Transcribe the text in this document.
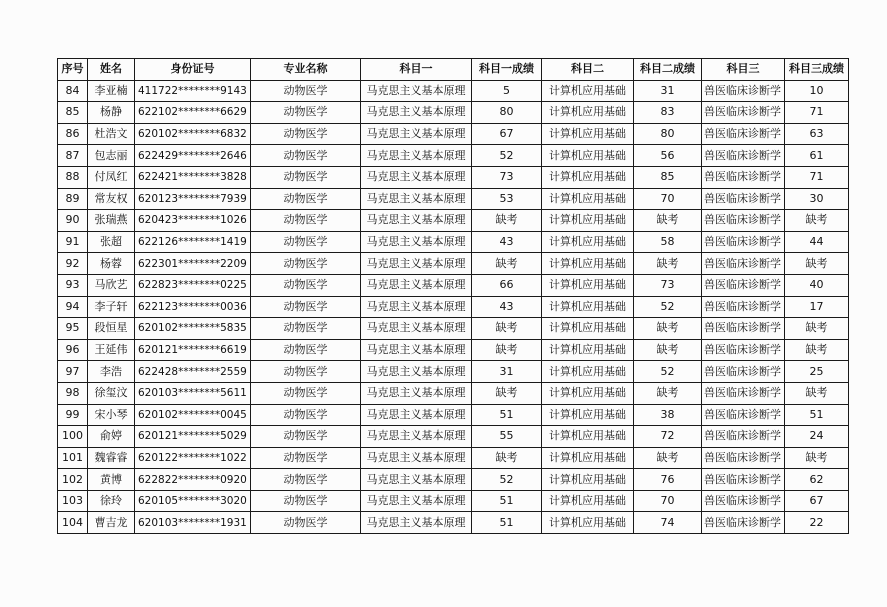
序号	姓名	身份证号	专业名称	科目一	科目一成绩	科目二	科目二成绩	科目三	科目三成绩
84	李亚楠	411722********9143	动物医学	马克思主义基本原理	5	计算机应用基础	31	兽医临床诊断学	10
85	杨静	622102********6629	动物医学	马克思主义基本原理	80	计算机应用基础	83	兽医临床诊断学	71
86	杜浩文	620102********6832	动物医学	马克思主义基本原理	67	计算机应用基础	80	兽医临床诊断学	63
87	包志丽	622429********2646	动物医学	马克思主义基本原理	52	计算机应用基础	56	兽医临床诊断学	61
88	付凤红	622421********3828	动物医学	马克思主义基本原理	73	计算机应用基础	85	兽医临床诊断学	71
89	常友权	620123********7939	动物医学	马克思主义基本原理	53	计算机应用基础	70	兽医临床诊断学	30
90	张瑞燕	620423********1026	动物医学	马克思主义基本原理	缺考	计算机应用基础	缺考	兽医临床诊断学	缺考
91	张超	622126********1419	动物医学	马克思主义基本原理	43	计算机应用基础	58	兽医临床诊断学	44
92	杨蓉	622301********2209	动物医学	马克思主义基本原理	缺考	计算机应用基础	缺考	兽医临床诊断学	缺考
93	马欣艺	622823********0225	动物医学	马克思主义基本原理	66	计算机应用基础	73	兽医临床诊断学	40
94	李子轩	622123********0036	动物医学	马克思主义基本原理	43	计算机应用基础	52	兽医临床诊断学	17
95	段恒星	620102********5835	动物医学	马克思主义基本原理	缺考	计算机应用基础	缺考	兽医临床诊断学	缺考
96	王延伟	620121********6619	动物医学	马克思主义基本原理	缺考	计算机应用基础	缺考	兽医临床诊断学	缺考
97	李浩	622428********2559	动物医学	马克思主义基本原理	31	计算机应用基础	52	兽医临床诊断学	25
98	徐玺汶	620103********5611	动物医学	马克思主义基本原理	缺考	计算机应用基础	缺考	兽医临床诊断学	缺考
99	宋小琴	620102********0045	动物医学	马克思主义基本原理	51	计算机应用基础	38	兽医临床诊断学	51
100	俞婷	620121********5029	动物医学	马克思主义基本原理	55	计算机应用基础	72	兽医临床诊断学	24
101	魏睿睿	620122********1022	动物医学	马克思主义基本原理	缺考	计算机应用基础	缺考	兽医临床诊断学	缺考
102	黄博	622822********0920	动物医学	马克思主义基本原理	52	计算机应用基础	76	兽医临床诊断学	62
103	徐玲	620105********3020	动物医学	马克思主义基本原理	51	计算机应用基础	70	兽医临床诊断学	67
104	曹吉龙	620103********1931	动物医学	马克思主义基本原理	51	计算机应用基础	74	兽医临床诊断学	22
